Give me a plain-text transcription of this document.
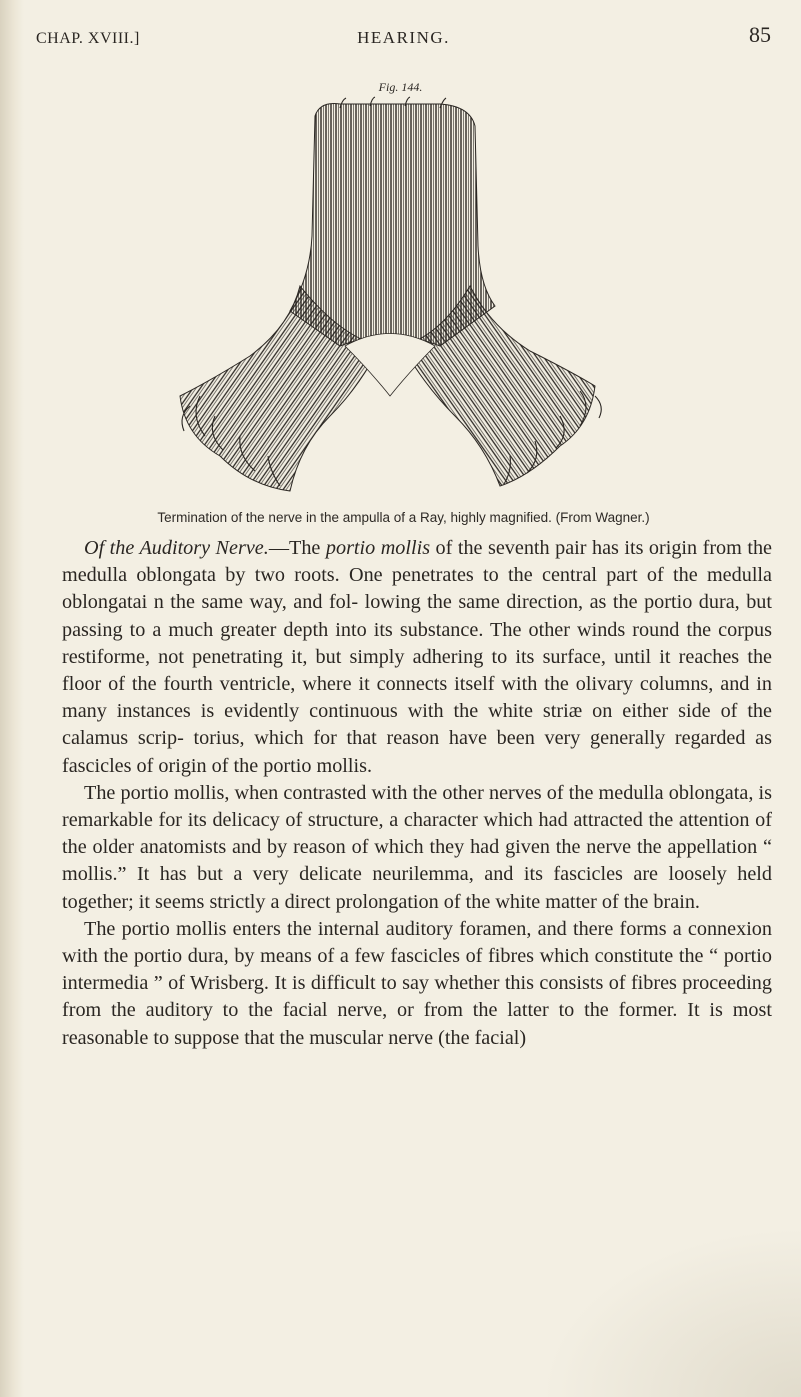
CHAP. XVIII.]	HEARING.	85
Fig. 144.
Termination of the nerve in the ampulla of a Ray, highly magnified. (From Wagner.)

Of the Auditory Nerve.—The portio mollis of the seventh pair has its origin from the medulla oblongata by two roots. One penetrates to the central part of the medulla oblongatai n the same way, and fol- lowing the same direction, as the portio dura, but passing to a much greater depth into its substance. The other winds round the corpus restiforme, not penetrating it, but simply adhering to its surface, until it reaches the floor of the fourth ventricle, where it connects itself with the olivary columns, and in many instances is evidently continuous with the white striæ on either side of the calamus scrip- torius, which for that reason have been very generally regarded as fascicles of origin of the portio mollis.

The portio mollis, when contrasted with the other nerves of the medulla oblongata, is remarkable for its delicacy of structure, a character which had attracted the attention of the older anatomists and by reason of which they had given the nerve the appellation “ mollis.” It has but a very delicate neurilemma, and its fascicles are loosely held together; it seems strictly a direct prolongation of the white matter of the brain.

The portio mollis enters the internal auditory foramen, and there forms a connexion with the portio dura, by means of a few fascicles of fibres which constitute the “ portio intermedia ” of Wrisberg. It is difficult to say whether this consists of fibres proceeding from the auditory to the facial nerve, or from the latter to the former. It is most reasonable to suppose that the muscular nerve (the facial)
